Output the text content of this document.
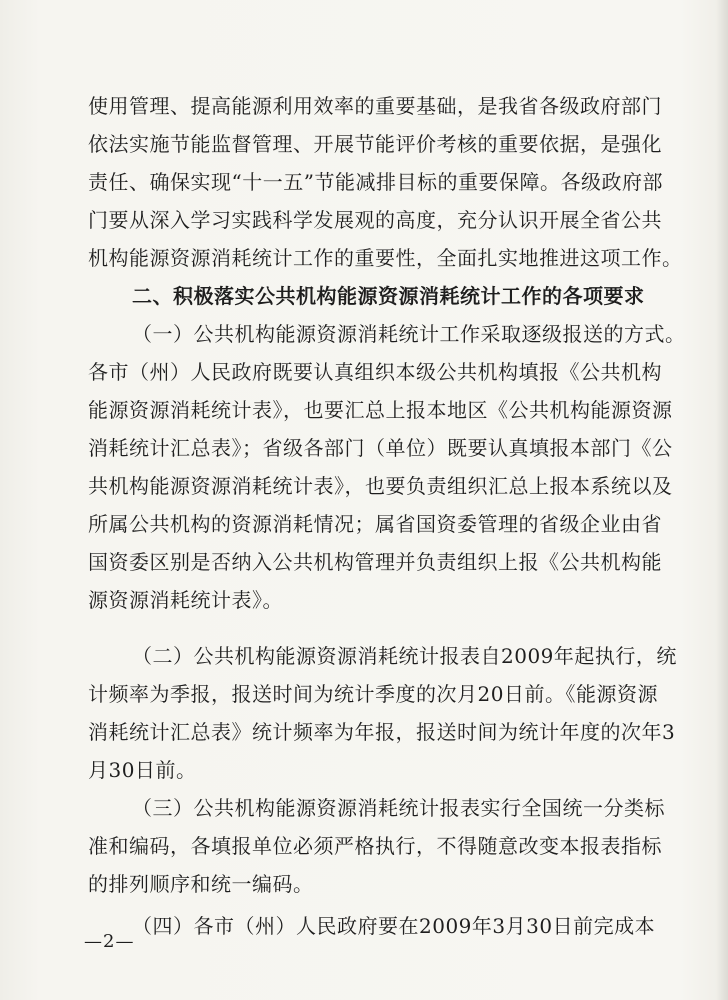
使用管理、提高能源利用效率的重要基础，是我省各级政府部门
依法实施节能监督管理、开展节能评价考核的重要依据，是强化
责任、确保实现“十一五”节能减排目标的重要保障。各级政府部
门要从深入学习实践科学发展观的高度，充分认识开展全省公共
机构能源资源消耗统计工作的重要性，全面扎实地推进这项工作。
二、积极落实公共机构能源资源消耗统计工作的各项要求
（一）公共机构能源资源消耗统计工作采取逐级报送的方式。
各市（州）人民政府既要认真组织本级公共机构填报《公共机构
能源资源消耗统计表》，也要汇总上报本地区《公共机构能源资源
消耗统计汇总表》；省级各部门（单位）既要认真填报本部门《公
共机构能源资源消耗统计表》，也要负责组织汇总上报本系统以及
所属公共机构的资源消耗情况；属省国资委管理的省级企业由省
国资委区别是否纳入公共机构管理并负责组织上报《公共机构能
源资源消耗统计表》。
（二）公共机构能源资源消耗统计报表自2009年起执行，统
计频率为季报，报送时间为统计季度的次月20日前。《能源资源
消耗统计汇总表》统计频率为年报，报送时间为统计年度的次年3
月30日前。
（三）公共机构能源资源消耗统计报表实行全国统一分类标
准和编码，各填报单位必须严格执行，不得随意改变本报表指标
的排列顺序和统一编码。
（四）各市（州）人民政府要在2009年3月30日前完成本
—2—
